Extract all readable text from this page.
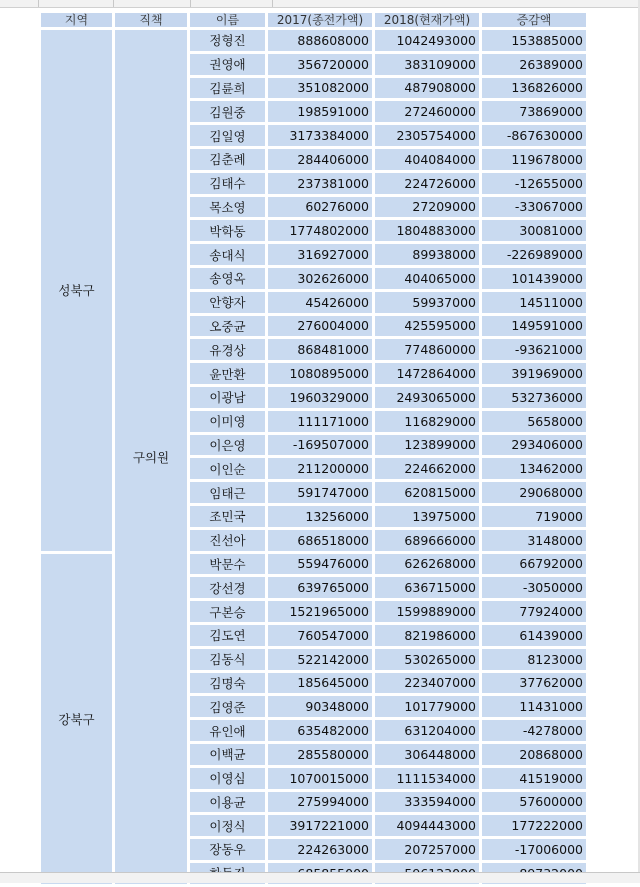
지역	직책	이름	2017(종전가액)	2018(현재가액)	증감액
성북구	구의원	정형진	888608000	1042493000	153885000
		권영애	356720000	383109000	26389000
		김륜희	351082000	487908000	136826000
		김원중	198591000	272460000	73869000
		김일영	3173384000	2305754000	-867630000
		김춘례	284406000	404084000	119678000
		김태수	237381000	224726000	-12655000
		목소영	60276000	27209000	-33067000
		박학동	1774802000	1804883000	30081000
		송대식	316927000	89938000	-226989000
		송영옥	302626000	404065000	101439000
		안향자	45426000	59937000	14511000
		오중균	276004000	425595000	149591000
		유경상	868481000	774860000	-93621000
		윤만환	1080895000	1472864000	391969000
		이광남	1960329000	2493065000	532736000
		이미영	111171000	116829000	5658000
		이은영	-169507000	123899000	293406000
		이인순	211200000	224662000	13462000
		임태근	591747000	620815000	29068000
		조민국	13256000	13975000	719000
		진선아	686518000	689666000	3148000
강북구		박문수	559476000	626268000	66792000
		강선경	639765000	636715000	-3050000
		구본승	1521965000	1599889000	77924000
		김도연	760547000	821986000	61439000
		김동식	522142000	530265000	8123000
		김명숙	185645000	223407000	37762000
		김영준	90348000	101779000	11431000
		유인애	635482000	631204000	-4278000
		이백균	285580000	306448000	20868000
		이영심	1070015000	1111534000	41519000
		이용균	275994000	333594000	57600000
		이정식	3917221000	4094443000	177222000
		장동우	224263000	207257000	-17006000
